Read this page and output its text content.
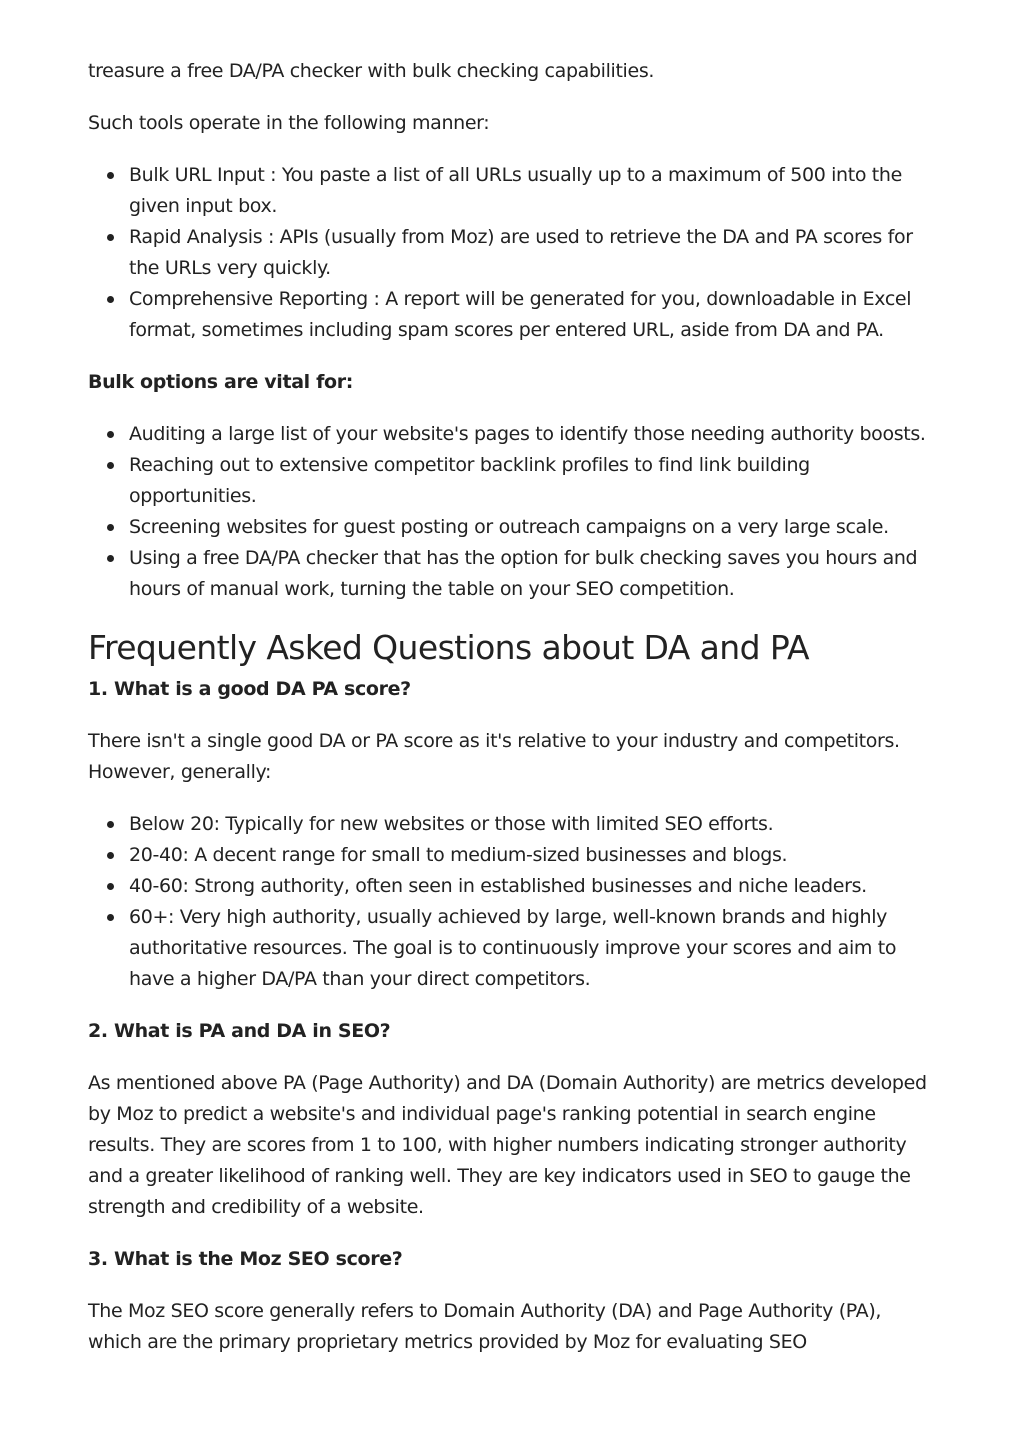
treasure a free DA/PA checker with bulk checking capabilities.

Such tools operate in the following manner:

Bulk URL Input : You paste a list of all URLs usually up to a maximum of 500 into the given input box.
Rapid Analysis : APIs (usually from Moz) are used to retrieve the DA and PA scores for the URLs very quickly.
Comprehensive Reporting : A report will be generated for you, downloadable in Excel format, sometimes including spam scores per entered URL, aside from DA and PA.

Bulk options are vital for:

Auditing a large list of your website's pages to identify those needing authority boosts.
Reaching out to extensive competitor backlink profiles to find link building opportunities.
Screening websites for guest posting or outreach campaigns on a very large scale.
Using a free DA/PA checker that has the option for bulk checking saves you hours and hours of manual work, turning the table on your SEO competition.
Frequently Asked Questions about DA and PA

1. What is a good DA PA score?

There isn't a single good DA or PA score as it's relative to your industry and competitors. However, generally:

Below 20: Typically for new websites or those with limited SEO efforts.
20-40: A decent range for small to medium-sized businesses and blogs.
40-60: Strong authority, often seen in established businesses and niche leaders.
60+: Very high authority, usually achieved by large, well-known brands and highly authoritative resources. The goal is to continuously improve your scores and aim to have a higher DA/PA than your direct competitors.

2. What is PA and DA in SEO?

As mentioned above PA (Page Authority) and DA (Domain Authority) are metrics developed by Moz to predict a website's and individual page's ranking potential in search engine results. They are scores from 1 to 100, with higher numbers indicating stronger authority and a greater likelihood of ranking well. They are key indicators used in SEO to gauge the strength and credibility of a website.

3. What is the Moz SEO score?

The Moz SEO score generally refers to Domain Authority (DA) and Page Authority (PA), which are the primary proprietary metrics provided by Moz for evaluating SEO
